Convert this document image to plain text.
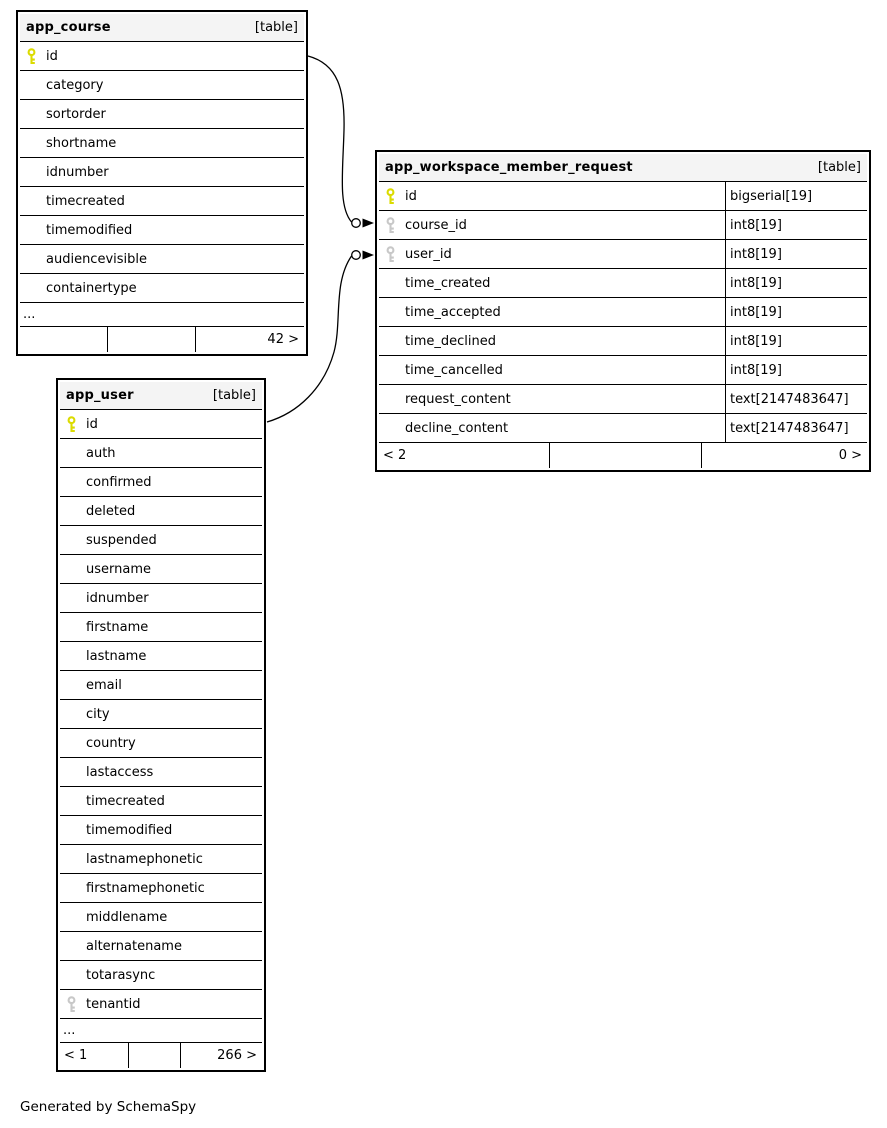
app_course	[table]
id
category
sortorder
shortname
idnumber
timecreated
timemodified
audiencevisible
containertype
...
42 >
app_workspace_member_request	[table]
id	bigserial[19]
course_id	int8[19]
user_id	int8[19]
time_created	int8[19]
time_accepted	int8[19]
time_declined	int8[19]
time_cancelled	int8[19]
request_content	text[2147483647]
decline_content	text[2147483647]
< 2	0 >
app_user	[table]
id
auth
confirmed
deleted
suspended
username
idnumber
firstname
lastname
email
city
country
lastaccess
timecreated
timemodified
lastnamephonetic
firstnamephonetic
middlename
alternatename
totarasync
tenantid
...
< 1	266 >
Generated by SchemaSpy
